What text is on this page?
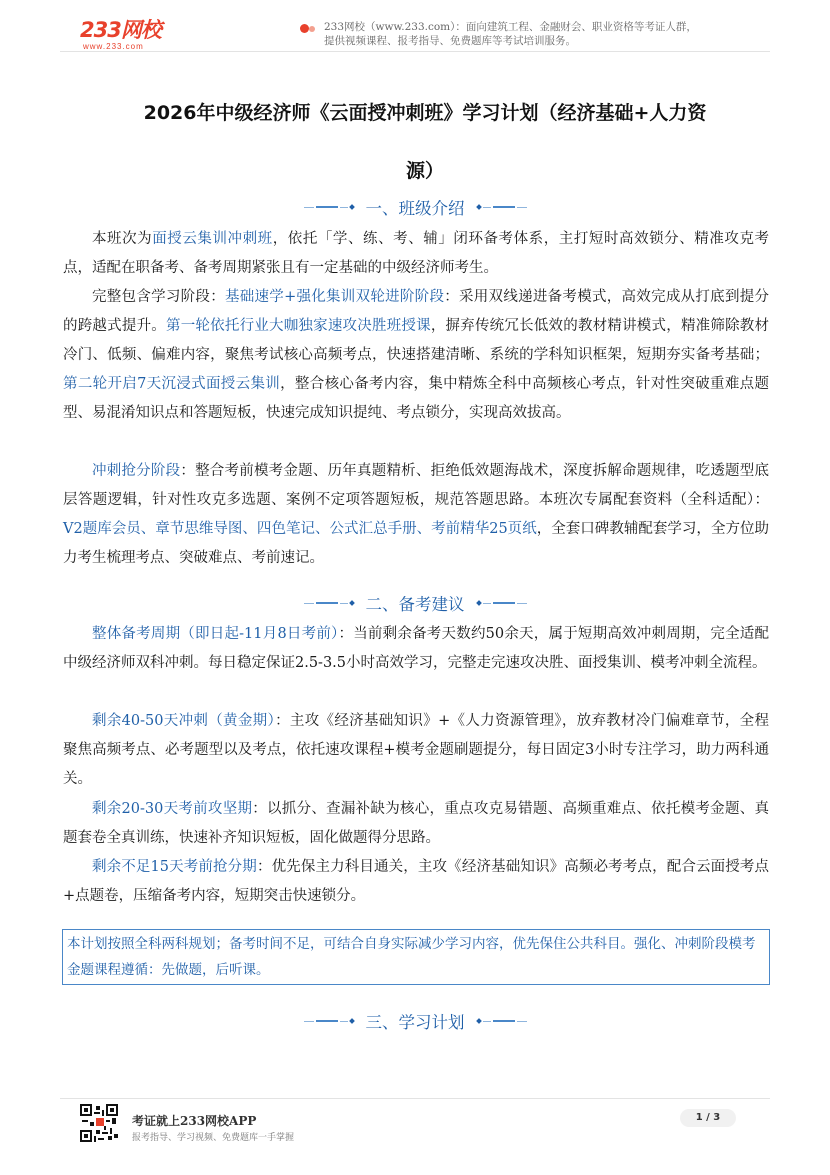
233网校
www.233.com
233网校（www.233.com）：面向建筑工程、金融财会、职业资格等考证人群，
提供视频课程、报考指导、免费题库等考试培训服务。
2026年中级经济师《云面授冲刺班》学习计划（经济基础+人力资
源）
一、班级介绍
本班次为面授云集训冲刺班，依托「学、练、考、辅」闭环备考体系，主打短时高效锁分、精准攻克考点，适配在职备考、备考周期紧张且有一定基础的中级经济师考生。
完整包含学习阶段：基础速学+强化集训双轮进阶阶段：采用双线递进备考模式，高效完成从打底到提分的跨越式提升。第一轮依托行业大咖独家速攻决胜班授课，摒弃传统冗长低效的教材精讲模式，精准筛除教材冷门、低频、偏难内容，聚焦考试核心高频考点，快速搭建清晰、系统的学科知识框架，短期夯实备考基础；第二轮开启7天沉浸式面授云集训，整合核心备考内容，集中精炼全科中高频核心考点，针对性突破重难点题型、易混淆知识点和答题短板，快速完成知识提纯、考点锁分，实现高效拔高。
冲刺抢分阶段：整合考前模考金题、历年真题精析、拒绝低效题海战术，深度拆解命题规律，吃透题型底层答题逻辑，针对性攻克多选题、案例不定项答题短板，规范答题思路。本班次专属配套资料（全科适配）：V2题库会员、章节思维导图、四色笔记、公式汇总手册、考前精华25页纸，全套口碑教辅配套学习，全方位助力考生梳理考点、突破难点、考前速记。
二、备考建议
整体备考周期（即日起-11月8日考前）：当前剩余备考天数约50余天，属于短期高效冲刺周期，完全适配中级经济师双科冲刺。每日稳定保证2.5-3.5小时高效学习，完整走完速攻决胜、面授集训、模考冲刺全流程。
剩余40-50天冲刺（黄金期）：主攻《经济基础知识》+《人力资源管理》，放弃教材冷门偏难章节，全程聚焦高频考点、必考题型以及考点，依托速攻课程+模考金题刷题提分，每日固定3小时专注学习，助力两科通关。
剩余20-30天考前攻坚期：以抓分、查漏补缺为核心，重点攻克易错题、高频重难点、依托模考金题、真题套卷全真训练，快速补齐知识短板，固化做题得分思路。
剩余不足15天考前抢分期：优先保主力科目通关，主攻《经济基础知识》高频必考考点，配合云面授考点+点题卷，压缩备考内容，短期突击快速锁分。
本计划按照全科两科规划；备考时间不足，可结合自身实际减少学习内容，优先保住公共科目。强化、冲刺阶段模考金题课程遵循：先做题，后听课。
三、学习计划
考证就上233网校APP
报考指导、学习视频、免费题库一手掌握
1 / 3
